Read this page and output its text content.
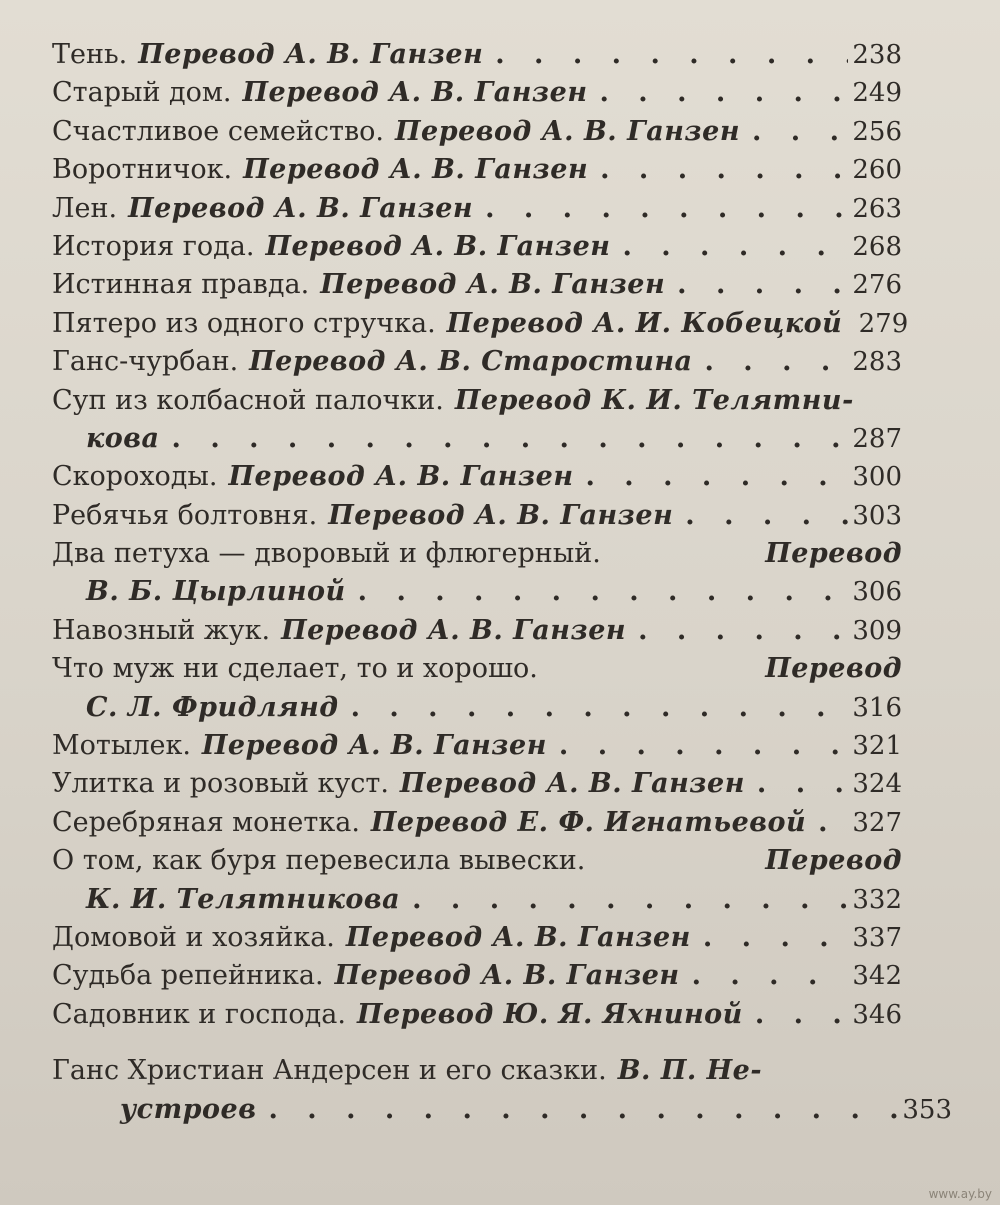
Тень. Перевод А. В. Ганзен . . .	238
Старый дом. Перевод А. В. Ганзен . . .	249
Счастливое семейство. Перевод А. В. Ганзен . . .	256
Воротничок. Перевод А. В. Ганзен . . .	260
Лен. Перевод А. В. Ганзен . . .	263
История года. Перевод А. В. Ганзен . . .	268
Истинная правда. Перевод А. В. Ганзен . . .	276
Пятеро из одного стручка. Перевод А. И. Кобецкой 279
Ганс-чурбан. Перевод А. В. Старостина . . .	283
Суп из колбасной палочки. Перевод К. И. Телятни-
кова . . .	287
Скороходы. Перевод А. В. Ганзен . . .	300
Ребячья болтовня. Перевод А. В. Ганзен . . .	303
Два петуха — дворовый и флюгерный.	Перевод
В. Б. Цырлиной . . .	306
Навозный жук. Перевод А. В. Ганзен . . .	309
Что муж ни сделает, то и хорошо.	Перевод
С. Л. Фридлянд . . .	316
Мотылек. Перевод А. В. Ганзен . . .	321
Улитка и розовый куст. Перевод А. В. Ганзен . . .	324
Серебряная монетка. Перевод Е. Ф. Игнатьевой . . . 327
О том, как буря перевесила вывески.	Перевод
К. И. Телятникова . . .	332
Домовой и хозяйка. Перевод А. В. Ганзен . . .	337
Судьба репейника. Перевод А. В. Ганзен . . .	342
Садовник и господа. Перевод Ю. Я. Яхниной . . .	346
Ганс Христиан Андерсен и его сказки. В. П. Не-
устроев . . .	353
www.ay.by
